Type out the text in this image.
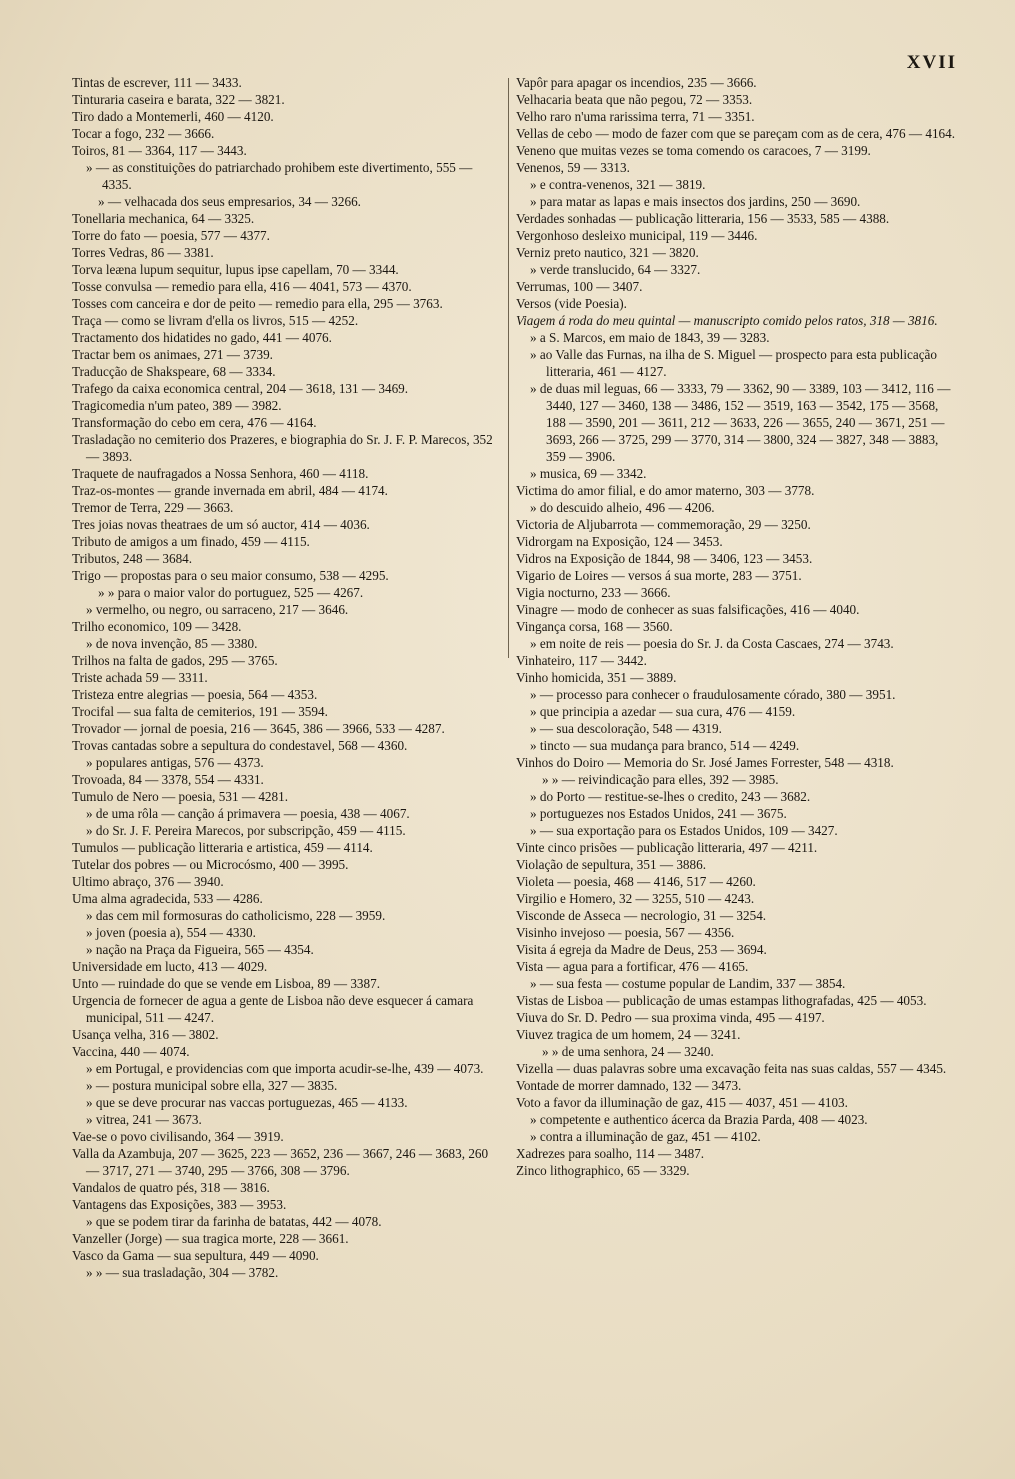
XVII

Tintas de escrever, 111 — 3433.

Tinturaria caseira e barata, 322 — 3821.

Tiro dado a Montemerli, 460 — 4120.

Tocar a fogo, 232 — 3666.

Toiros, 81 — 3364, 117 — 3443.

» — as constituições do patriarchado prohibem este divertimento, 555 — 4335.

» — velhacada dos seus empresarios, 34 — 3266.

Tonellaria mechanica, 64 — 3325.

Torre do fato — poesia, 577 — 4377.

Torres Vedras, 86 — 3381.

Torva leæna lupum sequitur, lupus ipse capellam, 70 — 3344.

Tosse convulsa — remedio para ella, 416 — 4041, 573 — 4370.

Tosses com canceira e dor de peito — remedio para ella, 295 — 3763.

Traça — como se livram d'ella os livros, 515 — 4252.

Tractamento dos hidatides no gado, 441 — 4076.

Tractar bem os animaes, 271 — 3739.

Traducção de Shakspeare, 68 — 3334.

Trafego da caixa economica central, 204 — 3618, 131 — 3469.

Tragicomedia n'um pateo, 389 — 3982.

Transformação do cebo em cera, 476 — 4164.

Trasladação no cemiterio dos Prazeres, e biographia do Sr. J. F. P. Marecos, 352 — 3893.

Traquete de naufragados a Nossa Senhora, 460 — 4118.

Traz-os-montes — grande invernada em abril, 484 — 4174.

Tremor de Terra, 229 — 3663.

Tres joias novas theatraes de um só auctor, 414 — 4036.

Tributo de amigos a um finado, 459 — 4115.

Tributos, 248 — 3684.

Trigo — propostas para o seu maior consumo, 538 — 4295.

» » para o maior valor do portuguez, 525 — 4267.

» vermelho, ou negro, ou sarraceno, 217 — 3646.

Trilho economico, 109 — 3428.

» de nova invenção, 85 — 3380.

Trilhos na falta de gados, 295 — 3765.

Triste achada 59 — 3311.

Tristeza entre alegrias — poesia, 564 — 4353.

Trocifal — sua falta de cemiterios, 191 — 3594.

Trovador — jornal de poesia, 216 — 3645, 386 — 3966, 533 — 4287.

Trovas cantadas sobre a sepultura do condestavel, 568 — 4360.

» populares antigas, 576 — 4373.

Trovoada, 84 — 3378, 554 — 4331.

Tumulo de Nero — poesia, 531 — 4281.

» de uma rôla — canção á primavera — poesia, 438 — 4067.

» do Sr. J. F. Pereira Marecos, por subscripção, 459 — 4115.

Tumulos — publicação litteraria e artistica, 459 — 4114.

Tutelar dos pobres — ou Microcósmo, 400 — 3995.

Ultimo abraço, 376 — 3940.

Uma alma agradecida, 533 — 4286.

» das cem mil formosuras do catholicismo, 228 — 3959.

» joven (poesia a), 554 — 4330.

» nação na Praça da Figueira, 565 — 4354.

Universidade em lucto, 413 — 4029.

Unto — ruindade do que se vende em Lisboa, 89 — 3387.

Urgencia de fornecer de agua a gente de Lisboa não deve esquecer á camara municipal, 511 — 4247.

Usança velha, 316 — 3802.

Vaccina, 440 — 4074.

» em Portugal, e providencias com que importa acudir-se-lhe, 439 — 4073.

» — postura municipal sobre ella, 327 — 3835.

» que se deve procurar nas vaccas portuguezas, 465 — 4133.

» vitrea, 241 — 3673.

Vae-se o povo civilisando, 364 — 3919.

Valla da Azambuja, 207 — 3625, 223 — 3652, 236 — 3667, 246 — 3683, 260 — 3717, 271 — 3740, 295 — 3766, 308 — 3796.

Vandalos de quatro pés, 318 — 3816.

Vantagens das Exposições, 383 — 3953.

» que se podem tirar da farinha de batatas, 442 — 4078.

Vanzeller (Jorge) — sua tragica morte, 228 — 3661.

Vasco da Gama — sua sepultura, 449 — 4090.

» » — sua trasladação, 304 — 3782.

Vapôr para apagar os incendios, 235 — 3666.

Velhacaria beata que não pegou, 72 — 3353.

Velho raro n'uma rarissima terra, 71 — 3351.

Vellas de cebo — modo de fazer com que se pareçam com as de cera, 476 — 4164.

Veneno que muitas vezes se toma comendo os caracoes, 7 — 3199.

Venenos, 59 — 3313.

» e contra-venenos, 321 — 3819.

» para matar as lapas e mais insectos dos jardins, 250 — 3690.

Verdades sonhadas — publicação litteraria, 156 — 3533, 585 — 4388.

Vergonhoso desleixo municipal, 119 — 3446.

Verniz preto nautico, 321 — 3820.

» verde translucido, 64 — 3327.

Verrumas, 100 — 3407.

Versos (vide Poesia).

Viagem á roda do meu quintal — manuscripto comido pelos ratos, 318 — 3816.

» a S. Marcos, em maio de 1843, 39 — 3283.

» ao Valle das Furnas, na ilha de S. Miguel — prospecto para esta publicação litteraria, 461 — 4127.

» de duas mil leguas, 66 — 3333, 79 — 3362, 90 — 3389, 103 — 3412, 116 — 3440, 127 — 3460, 138 — 3486, 152 — 3519, 163 — 3542, 175 — 3568, 188 — 3590, 201 — 3611, 212 — 3633, 226 — 3655, 240 — 3671, 251 — 3693, 266 — 3725, 299 — 3770, 314 — 3800, 324 — 3827, 348 — 3883, 359 — 3906.

» musica, 69 — 3342.

Victima do amor filial, e do amor materno, 303 — 3778.

» do descuido alheio, 496 — 4206.

Victoria de Aljubarrota — commemoração, 29 — 3250.

Vidrorgam na Exposição, 124 — 3453.

Vidros na Exposição de 1844, 98 — 3406, 123 — 3453.

Vigario de Loires — versos á sua morte, 283 — 3751.

Vigia nocturno, 233 — 3666.

Vinagre — modo de conhecer as suas falsificações, 416 — 4040.

Vingança corsa, 168 — 3560.

» em noite de reis — poesia do Sr. J. da Costa Cascaes, 274 — 3743.

Vinhateiro, 117 — 3442.

Vinho homicida, 351 — 3889.

» — processo para conhecer o fraudulosamente córado, 380 — 3951.

» que principia a azedar — sua cura, 476 — 4159.

» — sua descoloração, 548 — 4319.

» tincto — sua mudança para branco, 514 — 4249.

Vinhos do Doiro — Memoria do Sr. José James Forrester, 548 — 4318.

» » — reivindicação para elles, 392 — 3985.

» do Porto — restitue-se-lhes o credito, 243 — 3682.

» portuguezes nos Estados Unidos, 241 — 3675.

» — sua exportação para os Estados Unidos, 109 — 3427.

Vinte cinco prisões — publicação litteraria, 497 — 4211.

Violação de sepultura, 351 — 3886.

Violeta — poesia, 468 — 4146, 517 — 4260.

Virgilio e Homero, 32 — 3255, 510 — 4243.

Visconde de Asseca — necrologio, 31 — 3254.

Visinho invejoso — poesia, 567 — 4356.

Visita á egreja da Madre de Deus, 253 — 3694.

Vista — agua para a fortificar, 476 — 4165.

» — sua festa — costume popular de Landim, 337 — 3854.

Vistas de Lisboa — publicação de umas estampas lithografadas, 425 — 4053.

Viuva do Sr. D. Pedro — sua proxima vinda, 495 — 4197.

Viuvez tragica de um homem, 24 — 3241.

» » de uma senhora, 24 — 3240.

Vizella — duas palavras sobre uma excavação feita nas suas caldas, 557 — 4345.

Vontade de morrer damnado, 132 — 3473.

Voto a favor da illuminação de gaz, 415 — 4037, 451 — 4103.

» competente e authentico ácerca da Brazia Parda, 408 — 4023.

» contra a illuminação de gaz, 451 — 4102.

Xadrezes para soalho, 114 — 3487.

Zinco lithographico, 65 — 3329.
